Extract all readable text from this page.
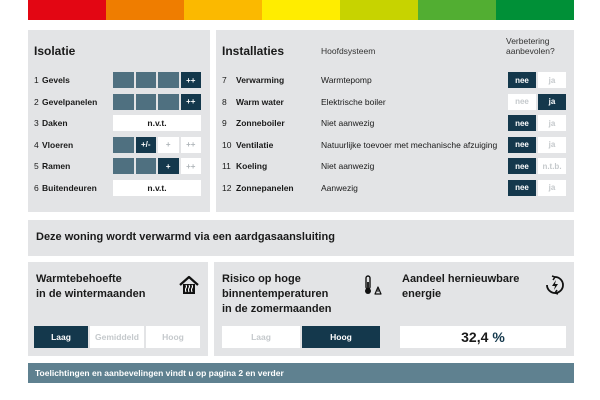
Isolatie
1 Gevels	++
2 Gevelpanelen	++
3 Daken	n.v.t.
4 Vloeren	+/-	+	++
5 Ramen	+	++
6 Buitendeuren	n.v.t.
Installaties	Hoofdsysteem
Verbetering
aanbevolen?
7 Verwarming	Warmtepomp	nee	ja
8 Warm water	Elektrische boiler	nee	ja
9 Zonneboiler	Niet aanwezig	nee	ja
10 Ventilatie	Natuurlijke toevoer met mechanische afzuiging	nee	ja
11 Koeling	Niet aanwezig	nee	n.t.b.
12 Zonnepanelen	Aanwezig	nee	ja
Deze woning wordt verwarmd via een aardgasaansluiting
Warmtebehoefte
in de wintermaanden
Laag	Gemiddeld	Hoog
Risico op hoge
binnentemperaturen
in de zomermaanden
Laag	Hoog
Aandeel hernieuwbare
energie
32,4 %
Toelichtingen en aanbevelingen vindt u op pagina 2 en verder
